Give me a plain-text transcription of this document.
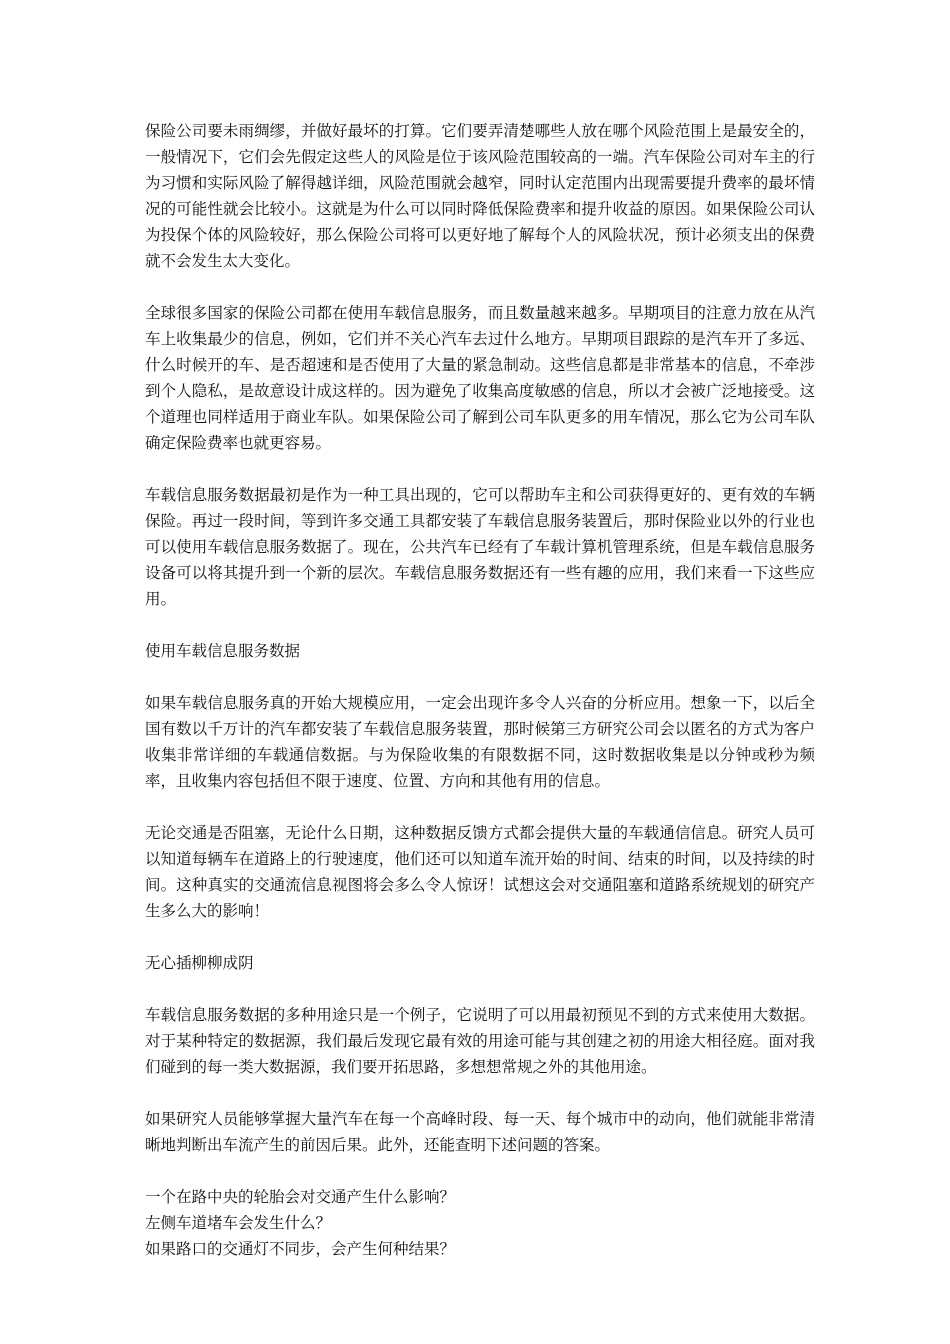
保险公司要未雨绸缪，并做好最坏的打算。它们要弄清楚哪些人放在哪个风险范围上是最安全的，一般情况下，它们会先假定这些人的风险是位于该风险范围较高的一端。汽车保险公司对车主的行为习惯和实际风险了解得越详细，风险范围就会越窄，同时认定范围内出现需要提升费率的最坏情况的可能性就会比较小。这就是为什么可以同时降低保险费率和提升收益的原因。如果保险公司认为投保个体的风险较好，那么保险公司将可以更好地了解每个人的风险状况，预计必须支出的保费就不会发生太大变化。

全球很多国家的保险公司都在使用车载信息服务，而且数量越来越多。早期项目的注意力放在从汽车上收集最少的信息，例如，它们并不关心汽车去过什么地方。早期项目跟踪的是汽车开了多远、什么时候开的车、是否超速和是否使用了大量的紧急制动。这些信息都是非常基本的信息，不牵涉到个人隐私，是故意设计成这样的。因为避免了收集高度敏感的信息，所以才会被广泛地接受。这个道理也同样适用于商业车队。如果保险公司了解到公司车队更多的用车情况，那么它为公司车队确定保险费率也就更容易。

车载信息服务数据最初是作为一种工具出现的，它可以帮助车主和公司获得更好的、更有效的车辆保险。再过一段时间，等到许多交通工具都安装了车载信息服务装置后，那时保险业以外的行业也可以使用车载信息服务数据了。现在，公共汽车已经有了车载计算机管理系统，但是车载信息服务设备可以将其提升到一个新的层次。车载信息服务数据还有一些有趣的应用，我们来看一下这些应用。

使用车载信息服务数据

如果车载信息服务真的开始大规模应用，一定会出现许多令人兴奋的分析应用。想象一下，以后全国有数以千万计的汽车都安装了车载信息服务装置，那时候第三方研究公司会以匿名的方式为客户收集非常详细的车载通信数据。与为保险收集的有限数据不同，这时数据收集是以分钟或秒为频率，且收集内容包括但不限于速度、位置、方向和其他有用的信息。

无论交通是否阻塞，无论什么日期，这种数据反馈方式都会提供大量的车载通信信息。研究人员可以知道每辆车在道路上的行驶速度，他们还可以知道车流开始的时间、结束的时间，以及持续的时间。这种真实的交通流信息视图将会多么令人惊讶！试想这会对交通阻塞和道路系统规划的研究产生多么大的影响！

无心插柳柳成阴

车载信息服务数据的多种用途只是一个例子，它说明了可以用最初预见不到的方式来使用大数据。对于某种特定的数据源，我们最后发现它最有效的用途可能与其创建之初的用途大相径庭。面对我们碰到的每一类大数据源，我们要开拓思路，多想想常规之外的其他用途。

如果研究人员能够掌握大量汽车在每一个高峰时段、每一天、每个城市中的动向，他们就能非常清晰地判断出车流产生的前因后果。此外，还能查明下述问题的答案。

一个在路中央的轮胎会对交通产生什么影响？
左侧车道堵车会发生什么？
如果路口的交通灯不同步，会产生何种结果？
